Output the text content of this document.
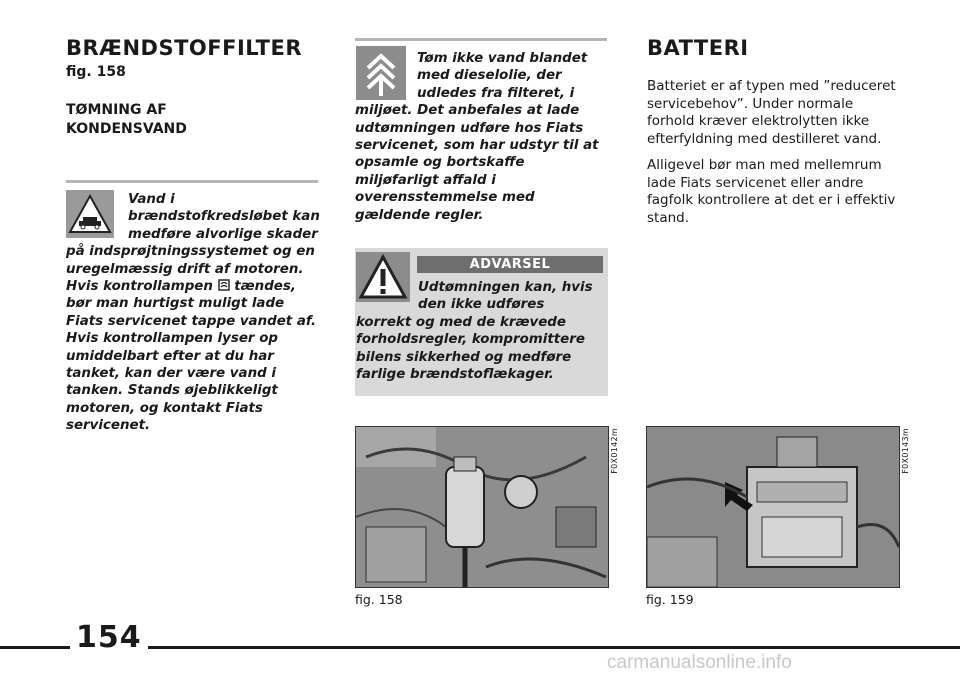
BRÆNDSTOFFILTER
fig. 158
TØMNING AF
KONDENSVAND
Vand i
brændstofkredsløbet kan
medføre alvorlige skader
på indsprøjtningssystemet og en
uregelmæssig drift af motoren.
Hvis kontrollampen tændes,
bør man hurtigst muligt lade
Fiats servicenet tappe vandet af.
Hvis kontrollampen lyser op
umiddelbart efter at du har
tanket, kan der være vand i
tanken. Stands øjeblikkeligt
motoren, og kontakt Fiats
servicenet.
Tøm ikke vand blandet
med dieselolie, der
udledes fra filteret, i
miljøet. Det anbefales at lade
udtømningen udføre hos Fiats
servicenet, som har udstyr til at
opsamle og bortskaffe
miljøfarligt affald i
overensstemmelse med
gældende regler.
ADVARSEL
Udtømningen kan, hvis
den ikke udføres
korrekt og med de krævede
forholdsregler, kompromittere
bilens sikkerhed og medføre
farlige brændstoflækager.
BATTERI
Batteriet er af typen med ”reduceret
servicebehov”. Under normale
forhold kræver elektrolytten ikke
efterfyldning med destilleret vand.
Alligevel bør man med mellemrum
lade Fiats servicenet eller andre
fagfolk kontrollere at det er i effektiv
stand.
F0X0142m
fig. 158
F0X0143m
fig. 159
154
carmanualsonline.info
